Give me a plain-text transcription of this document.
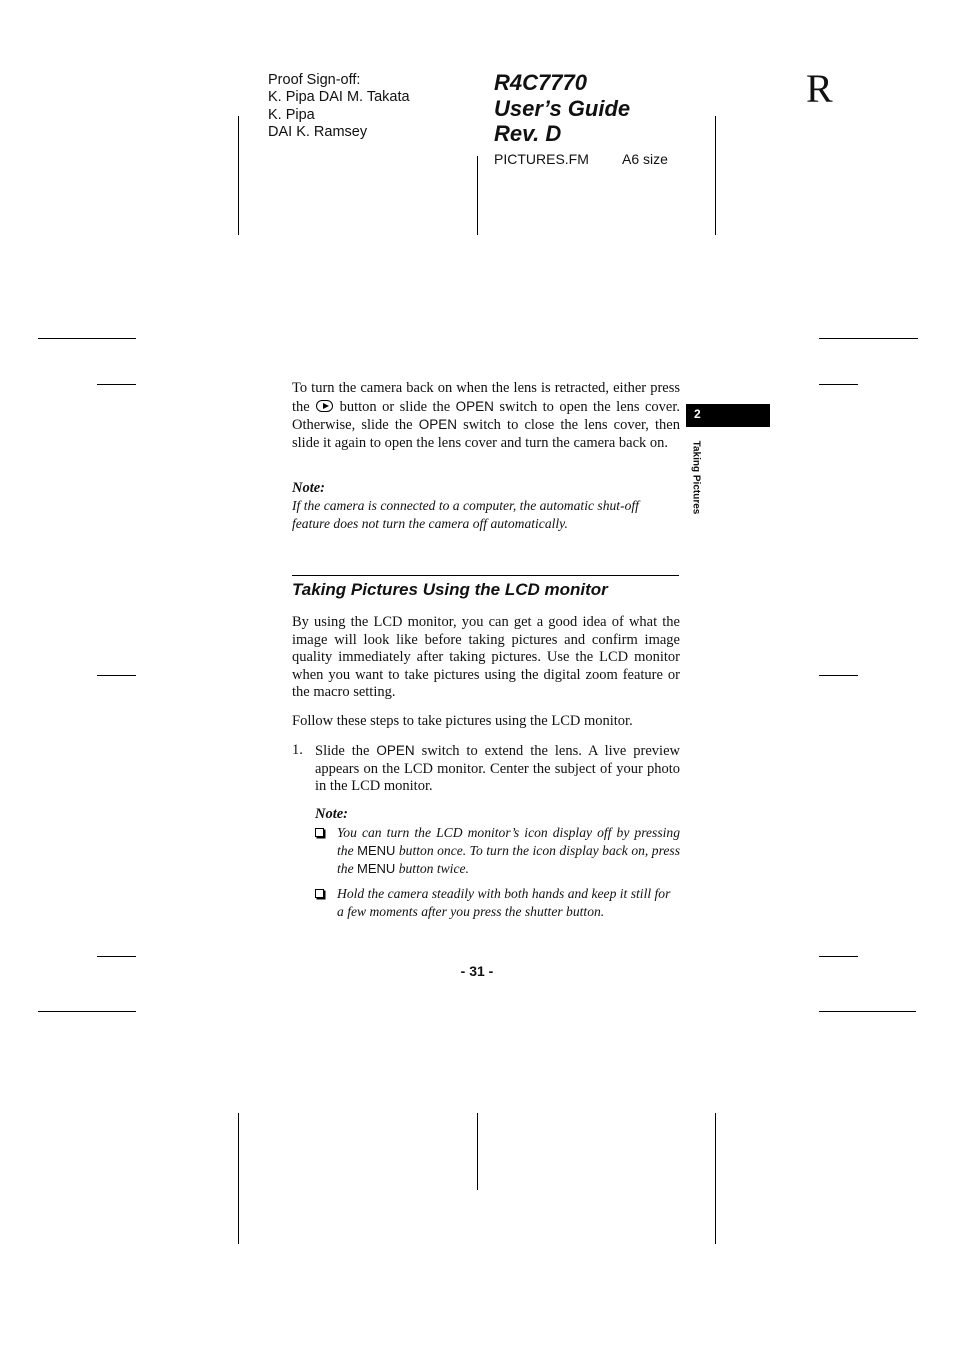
Proof Sign-off:
K. Pipa DAI M. Takata
K. Pipa
DAI K. Ramsey
R4C7770
User’s Guide
Rev. D
PICTURES.FM A6 size
R
2
Taking Pictures
To turn the camera back on when the lens is retracted, either press the  button or slide the OPEN switch to open the lens cover. Otherwise, slide the OPEN switch to close the lens cover, then slide it again to open the lens cover and turn the camera back on.
Note:
If the camera is connected to a computer, the automatic shut-off feature does not turn the camera off automatically.
Taking Pictures Using the LCD monitor
By using the LCD monitor, you can get a good idea of what the image will look like before taking pictures and confirm image quality immediately after taking pictures. Use the LCD monitor when you want to take pictures using the digital zoom feature or the macro setting.
Follow these steps to take pictures using the LCD monitor.
1. Slide the OPEN switch to extend the lens. A live preview appears on the LCD monitor. Center the subject of your photo in the LCD monitor.
Note:
You can turn the LCD monitor’s icon display off by pressing the MENU button once. To turn the icon display back on, press the MENU button twice.
Hold the camera steadily with both hands and keep it still for a few moments after you press the shutter button.
- 31 -
